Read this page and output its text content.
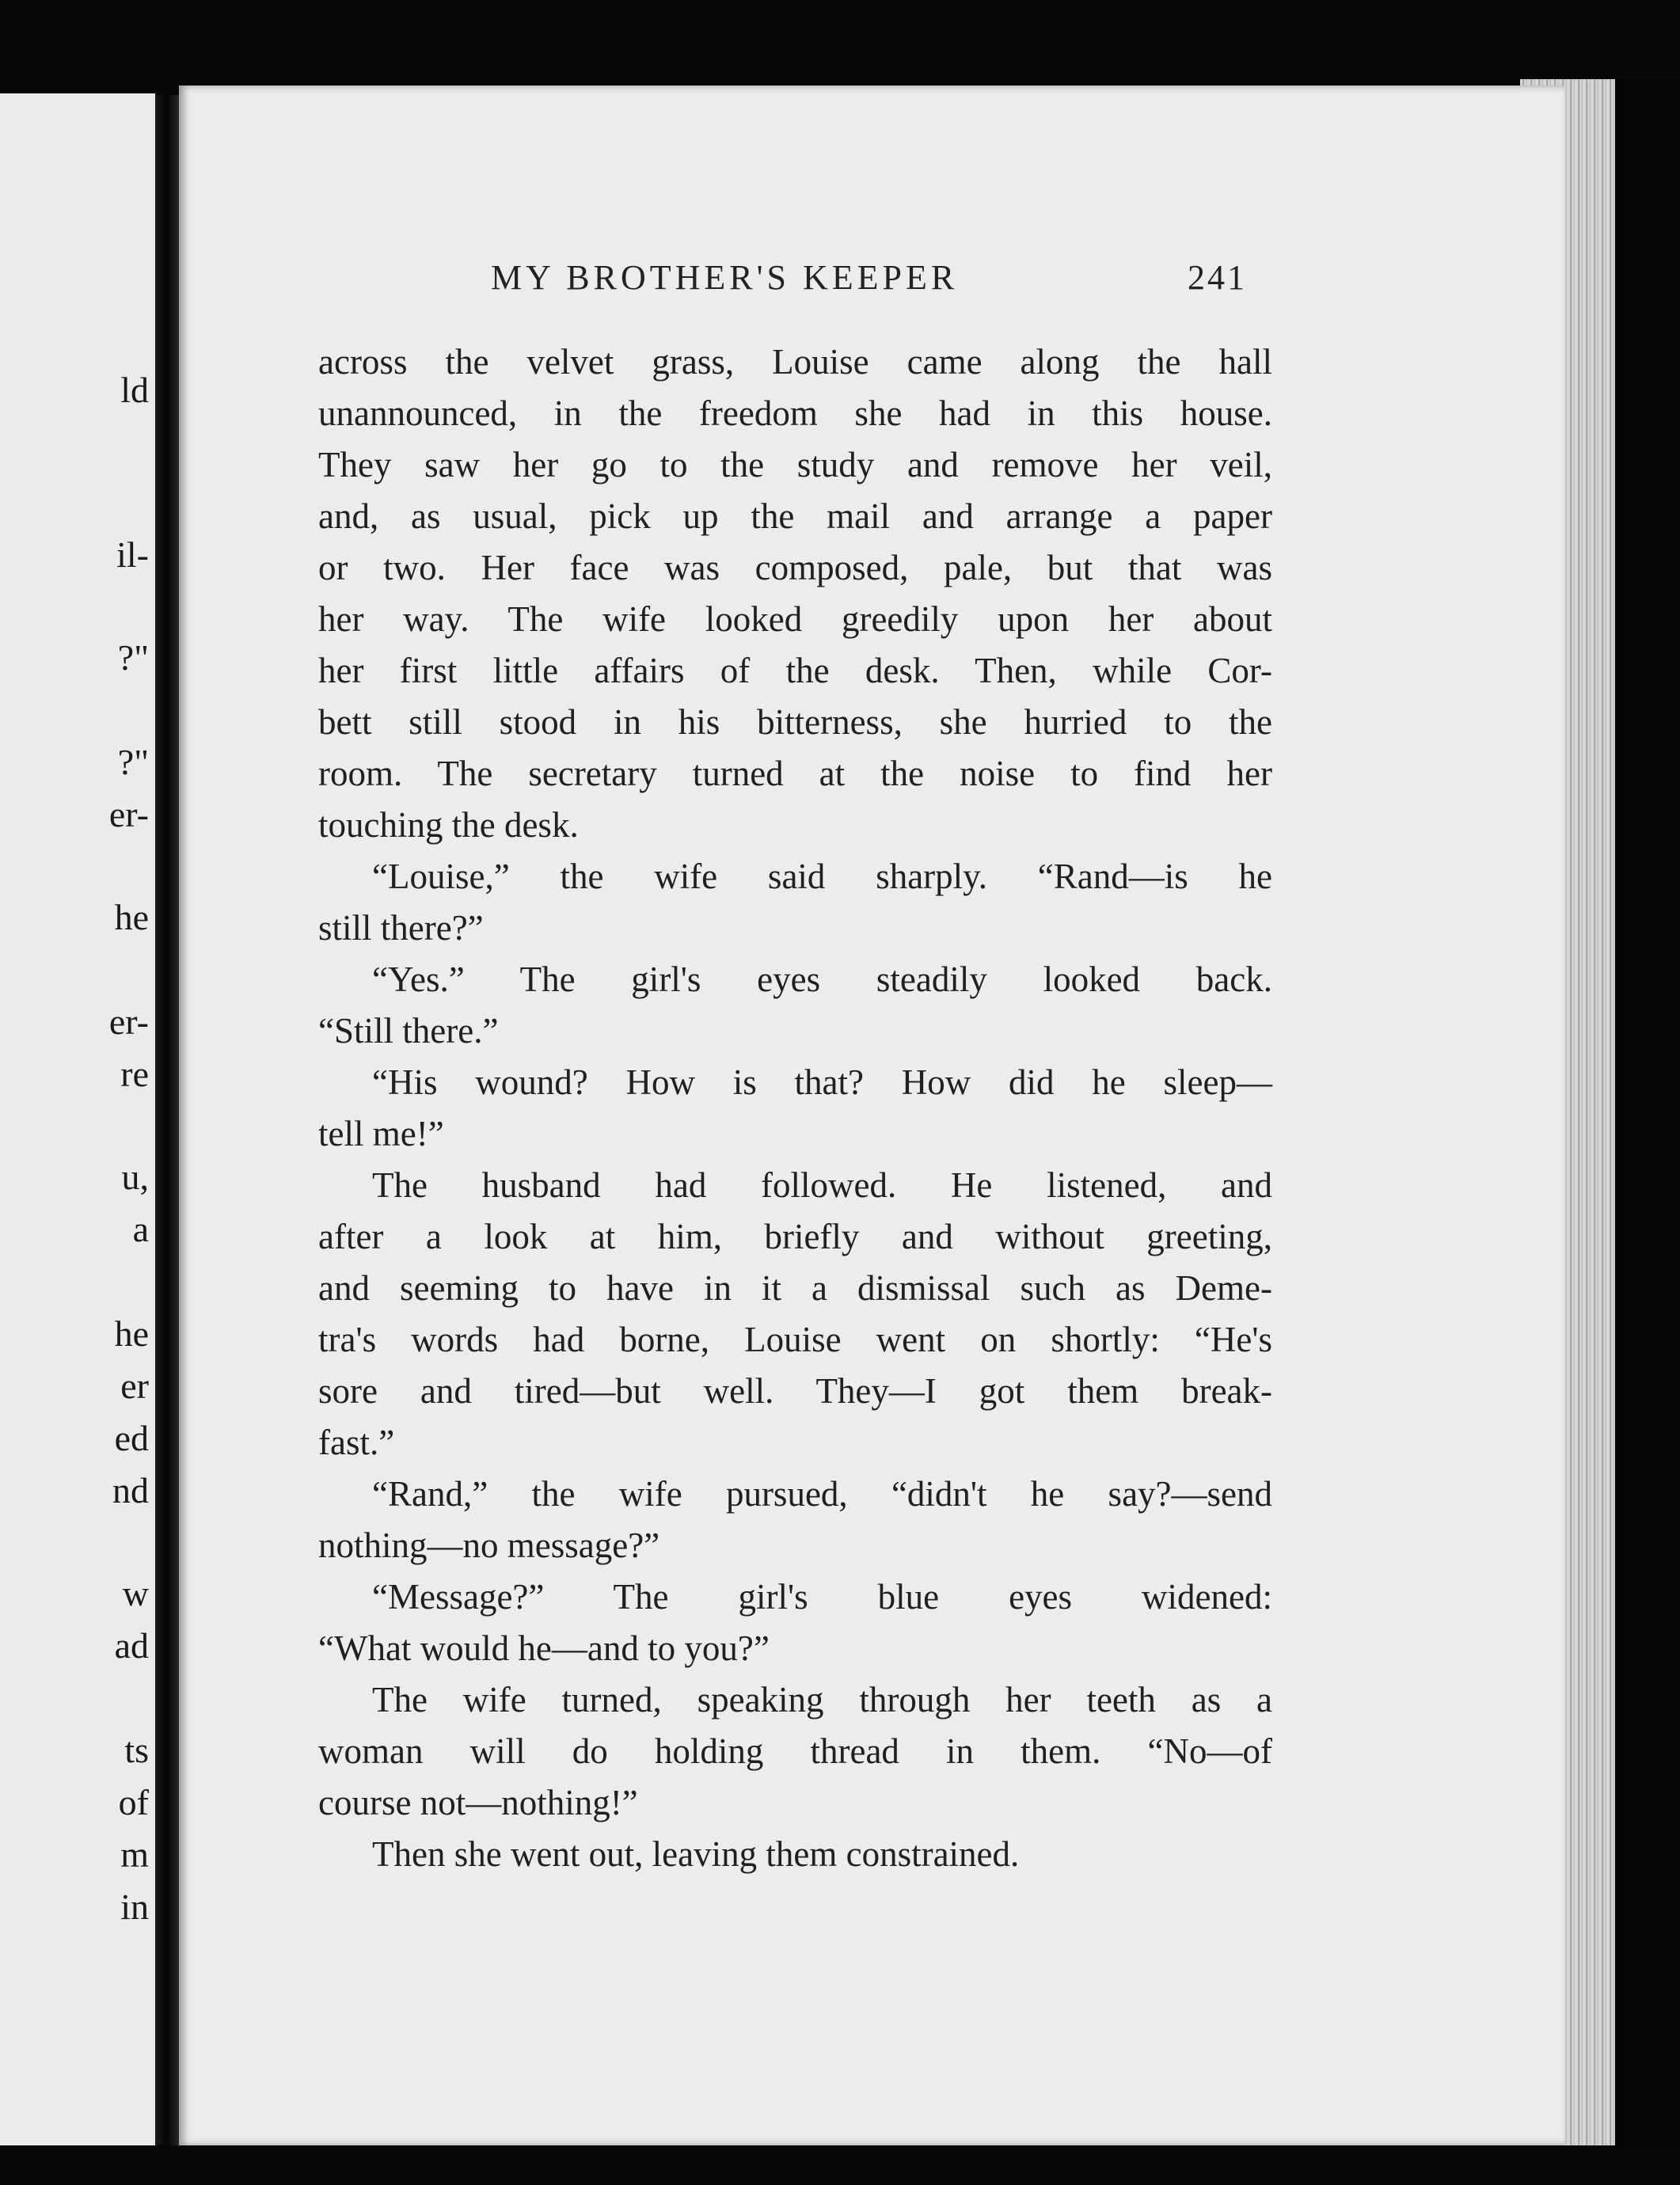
ld
il-
?"
?"
er-
he
er-
re
u,
a
he
er
ed
nd
w
ad
ts
of
m
in
MY BROTHER'S KEEPER	241
across the velvet grass, Louise came along the hall
unannounced, in the freedom she had in this house.
They saw her go to the study and remove her veil,
and, as usual, pick up the mail and arrange a paper
or two. Her face was composed, pale, but that was
her way. The wife looked greedily upon her about
her first little affairs of the desk. Then, while Cor-
bett still stood in his bitterness, she hurried to the
room. The secretary turned at the noise to find her
touching the desk.
“Louise,” the wife said sharply. “Rand—is he
still there?”
“Yes.” The girl's eyes steadily looked back.
“Still there.”
“His wound? How is that? How did he sleep—
tell me!”
The husband had followed. He listened, and
after a look at him, briefly and without greeting,
and seeming to have in it a dismissal such as Deme-
tra's words had borne, Louise went on shortly: “He's
sore and tired—but well. They—I got them break-
fast.”
“Rand,” the wife pursued, “didn't he say?—send
nothing—no message?”
“Message?” The girl's blue eyes widened:
“What would he—and to you?”
The wife turned, speaking through her teeth as a
woman will do holding thread in them. “No—of
course not—nothing!”
Then she went out, leaving them constrained.
